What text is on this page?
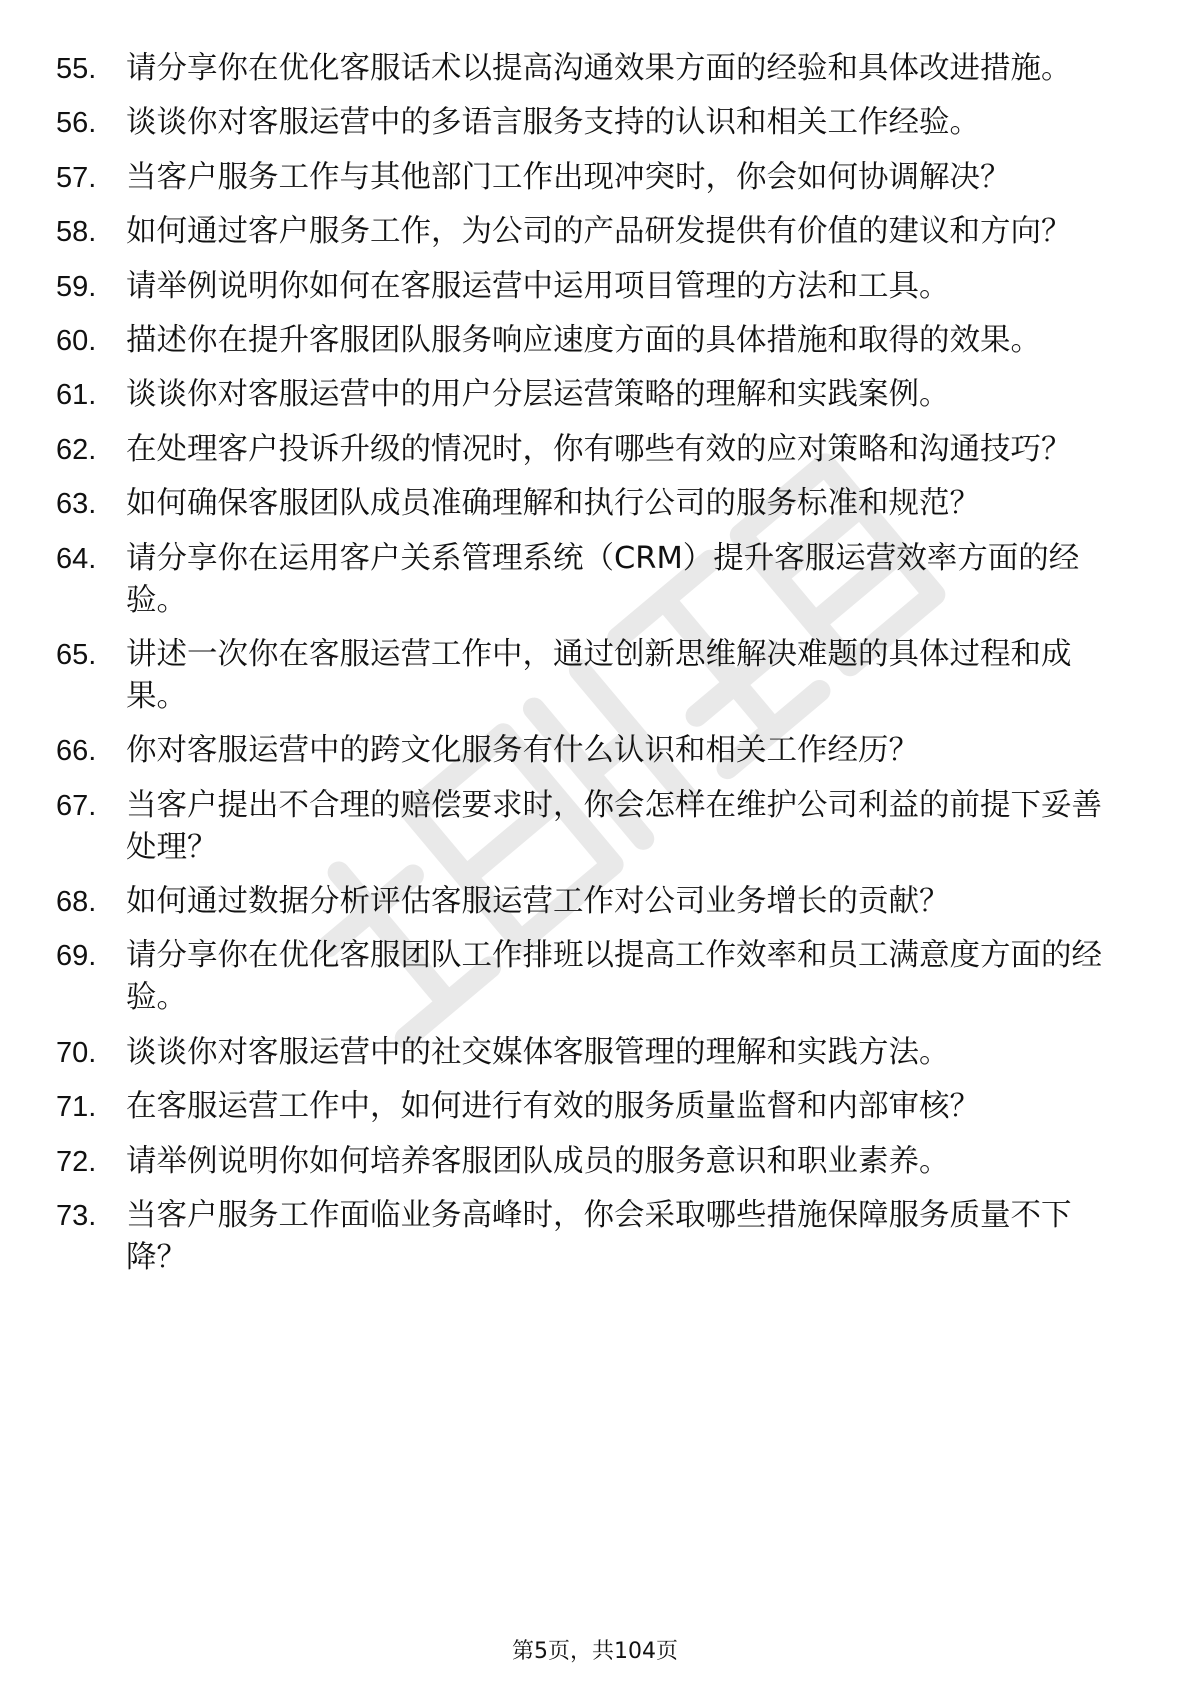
55. 请分享你在优化客服话术以提高沟通效果方面的经验和具体改进措施。
56. 谈谈你对客服运营中的多语言服务支持的认识和相关工作经验。
57. 当客户服务工作与其他部门工作出现冲突时，你会如何协调解决？
58. 如何通过客户服务工作，为公司的产品研发提供有价值的建议和方向？
59. 请举例说明你如何在客服运营中运用项目管理的方法和工具。
60. 描述你在提升客服团队服务响应速度方面的具体措施和取得的效果。
61. 谈谈你对客服运营中的用户分层运营策略的理解和实践案例。
62. 在处理客户投诉升级的情况时，你有哪些有效的应对策略和沟通技巧？
63. 如何确保客服团队成员准确理解和执行公司的服务标准和规范？
64. 请分享你在运用客户关系管理系统（CRM）提升客服运营效率方面的经验。
65. 讲述一次你在客服运营工作中，通过创新思维解决难题的具体过程和成果。
66. 你对客服运营中的跨文化服务有什么认识和相关工作经历？
67. 当客户提出不合理的赔偿要求时，你会怎样在维护公司利益的前提下妥善处理？
68. 如何通过数据分析评估客服运营工作对公司业务增长的贡献？
69. 请分享你在优化客服团队工作排班以提高工作效率和员工满意度方面的经验。
70. 谈谈你对客服运营中的社交媒体客服管理的理解和实践方法。
71. 在客服运营工作中，如何进行有效的服务质量监督和内部审核？
72. 请举例说明你如何培养客服团队成员的服务意识和职业素养。
73. 当客户服务工作面临业务高峰时，你会采取哪些措施保障服务质量不下降？
第5页，共104页
